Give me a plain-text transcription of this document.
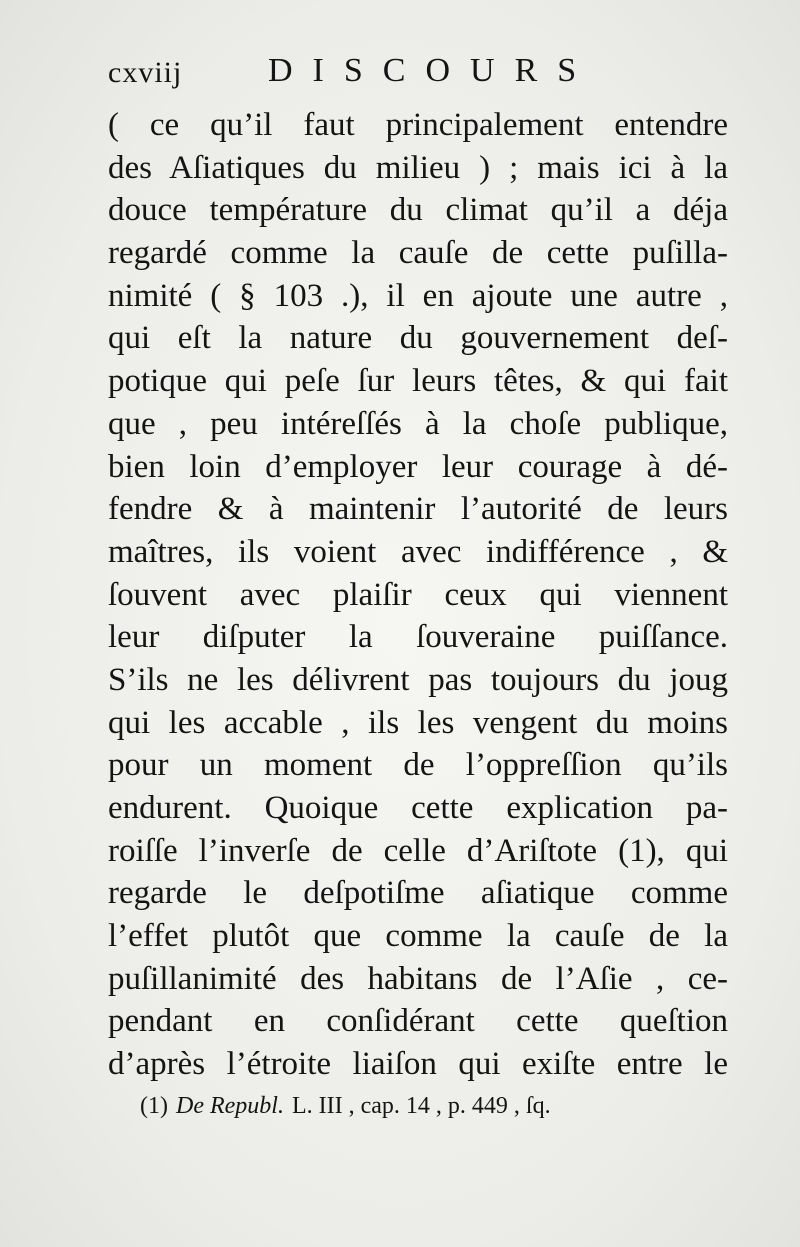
cxviij	DISCOURS
( ce qu’il faut principalement entendre
des Aſiatiques du milieu ) ; mais ici à la
douce température du climat qu’il a déja
regardé comme la cauſe de cette puſilla-
nimité ( § 103 .), il en ajoute une autre ,
qui eſt la nature du gouvernement deſ-
potique qui peſe ſur leurs têtes, & qui fait
que , peu intéreſſés à la choſe publique,
bien loin d’employer leur courage à dé-
fendre & à maintenir l’autorité de leurs
maîtres, ils voient avec indifférence , &
ſouvent avec plaiſir ceux qui viennent
leur diſputer la ſouveraine puiſſance.
S’ils ne les délivrent pas toujours du joug
qui les accable , ils les vengent du moins
pour un moment de l’oppreſſion qu’ils
endurent. Quoique cette explication pa-
roiſſe l’inverſe de celle d’Ariſtote (1), qui
regarde le deſpotiſme aſiatique comme
l’effet plutôt que comme la cauſe de la
puſillanimité des habitans de l’Aſie , ce-
pendant en conſidérant cette queſtion
d’après l’étroite liaiſon qui exiſte entre le
(1) De Republ. L. III , cap. 14 , p. 449 , ſq.
